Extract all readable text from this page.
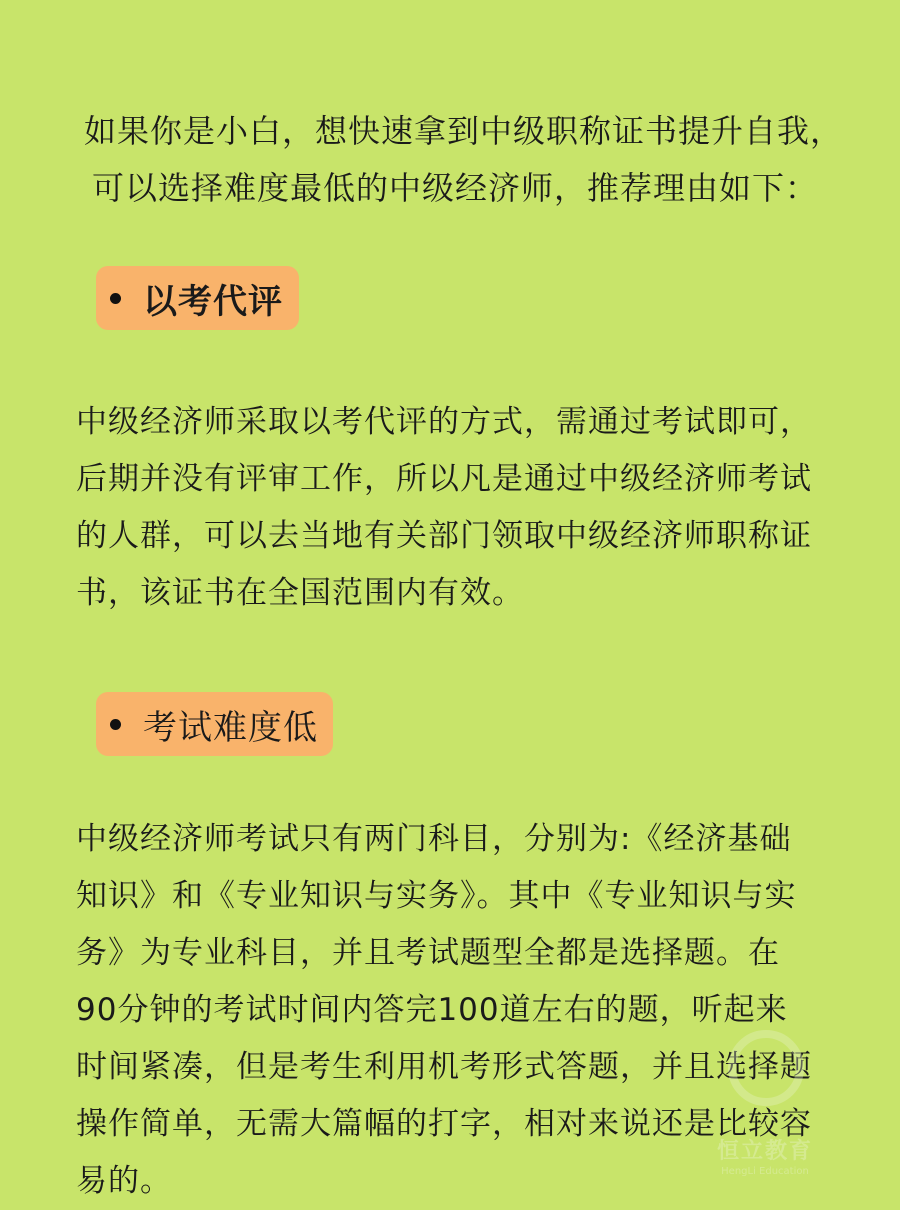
如果你是小白，想快速拿到中级职称证书提升自我，

可以选择难度最低的中级经济师，推荐理由如下：

以考代评

中级经济师采取以考代评的方式，需通过考试即可，后期并没有评审工作，所以凡是通过中级经济师考试的人群，可以去当地有关部门领取中级经济师职称证书，该证书在全国范围内有效。

考试难度低

中级经济师考试只有两门科目，分别为:《经济基础知识》和《专业知识与实务》。其中《专业知识与实务》为专业科目，并且考试题型全都是选择题。在90分钟的考试时间内答完100道左右的题，听起来时间紧凑，但是考生利用机考形式答题，并且选择题操作简单，无需大篇幅的打字，相对来说还是比较容易的。

恒立教育
HengLi Education
